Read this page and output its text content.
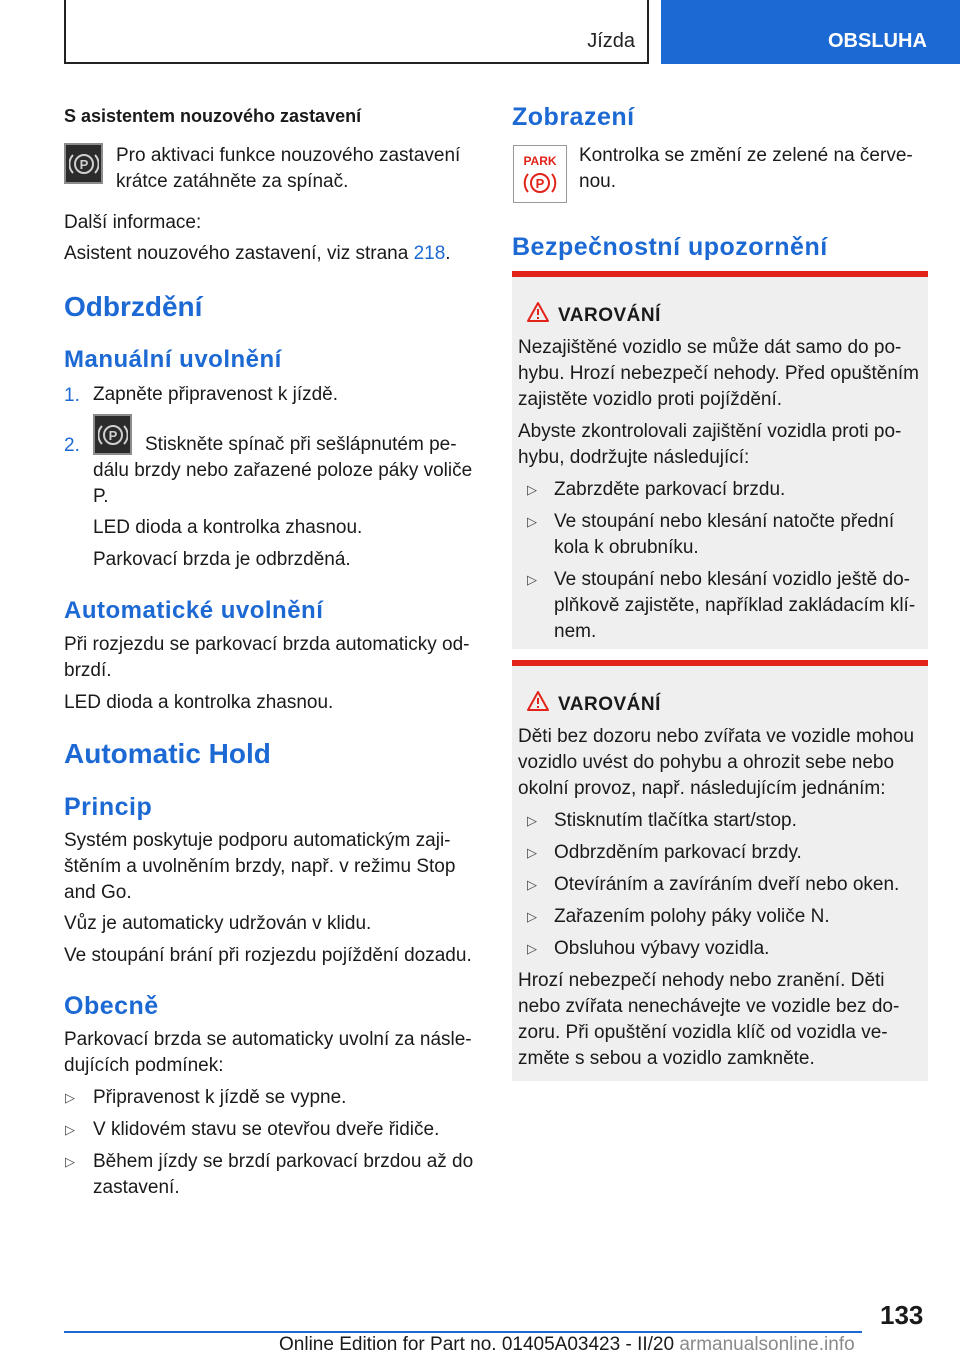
Jízda	OBSLUHA
S asistentem nouzového zastavení
P Pro aktivaci funkce nouzového zastavení

krátce zatáhněte za spínač.

Další informace:

Asistent nouzového zastavení, viz strana 218.

Odbrzdění
Manuální uvolnění
1. Zapněte připravenost k jízdě.

2. P Stiskněte spínač při sešlápnutém pe-

dálu brzdy nebo zařazené poloze páky voliče

P.

LED dioda a kontrolka zhasnou.

Parkovací brzda je odbrzděná.

Automatické uvolnění

Při rozjezdu se parkovací brzda automaticky od-

brzdí.

LED dioda a kontrolka zhasnou.

Automatic Hold
Princip

Systém poskytuje podporu automatickým zaji-

štěním a uvolněním brzdy, např. v režimu Stop

and Go.

Vůz je automaticky udržován v klidu.

Ve stoupání brání při rozjezdu pojíždění dozadu.

Obecně

Parkovací brzda se automaticky uvolní za násle-

dujících podmínek:

▷ Připravenost k jízdě se vypne.

▷ V klidovém stavu se otevřou dveře řidiče.

▷ Během jízdy se brzdí parkovací brzdou až do

zastavení.

Zobrazení
PARK
P

Kontrolka se změní ze zelené na červe-

nou.

Bezpečnostní upozornění
VAROVÁNÍ

Nezajištěné vozidlo se může dát samo do po-

hybu. Hrozí nebezpečí nehody. Před opuštěním

zajistěte vozidlo proti pojíždění.

Abyste zkontrolovali zajištění vozidla proti po-

hybu, dodržujte následující:

▷ Zabrzděte parkovací brzdu.

▷ Ve stoupání nebo klesání natočte přední

kola k obrubníku.

▷ Ve stoupání nebo klesání vozidlo ještě do-

plňkově zajistěte, například zakládacím klí-

nem.

VAROVÁNÍ

Děti bez dozoru nebo zvířata ve vozidle mohou

vozidlo uvést do pohybu a ohrozit sebe nebo

okolní provoz, např. následujícím jednáním:

▷ Stisknutím tlačítka start/stop.

▷ Odbrzděním parkovací brzdy.

▷ Otevíráním a zavíráním dveří nebo oken.

▷ Zařazením polohy páky voliče N.

▷ Obsluhou výbavy vozidla.

Hrozí nebezpečí nehody nebo zranění. Děti

nebo zvířata nenechávejte ve vozidle bez do-

zoru. Při opuštění vozidla klíč od vozidla ve-

změte s sebou a vozidlo zamkněte.

133
Online Edition for Part no. 01405A03423 - II/20 armanualsonline.info
